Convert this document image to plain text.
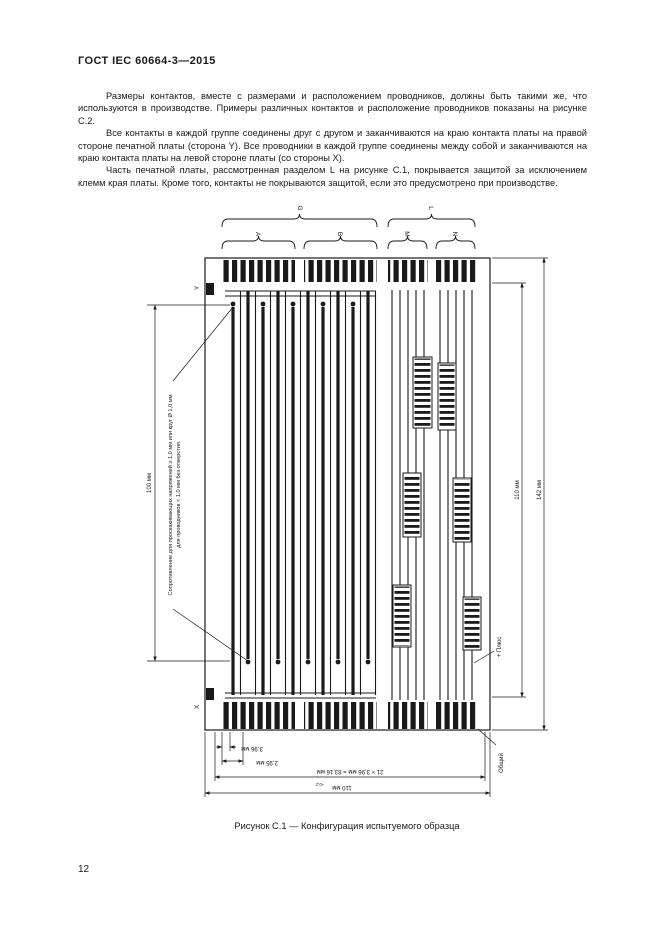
ГОСТ IEC 60664-3—2015

Размеры контактов, вместе с размерами и расположением проводников, должны быть такими же, что используются в производстве. Примеры различных контактов и расположение проводников показаны на рисунке С.2.

Все контакты в каждой группе соединены друг с другом и заканчиваются на краю контакта платы на правой стороне печатной платы (сторона Y). Все проводники в каждой группе соединены между собой и заканчиваются на краю контакта платы на левой стороне платы (со стороны X).

Часть печатной платы, рассмотренная разделом L на рисунке С.1, покрывается защитой за исключением клемм края платы. Кроме того, контакты не покрываются защитой, если это предусмотрено при производстве.

G	L
A	B	M	N
Y
X
Сопротивление для проскакивающих напряжений ≥ 1,0 мм или круг Ø 1,0 мм для проводников < 1,0 мм без отверстия
100 мм	110 мм	142 мм
3,96 мм
2,95 мм
21 × 3,96 мм = 83,16 мм
110 мм
+0,2
Общий
+ Плюс
Рисунок С.1 — Конфигурация испытуемого образца
12
